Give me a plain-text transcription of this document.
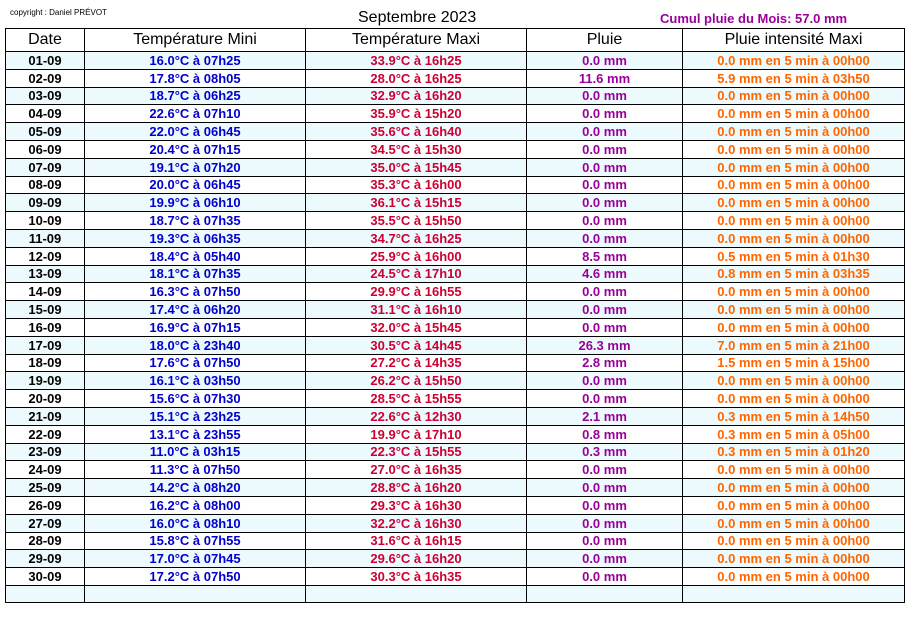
copyright : Daniel PRÉVOT	Septembre 2023	Cumul pluie du Mois: 57.0 mm
Date	Température Mini	Température Maxi	Pluie	Pluie intensité Maxi
01-09	16.0°C à 07h25	33.9°C à 16h25	0.0 mm	0.0 mm en 5 min à 00h00
02-09	17.8°C à 08h05	28.0°C à 16h25	11.6 mm	5.9 mm en 5 min à 03h50
03-09	18.7°C à 06h25	32.9°C à 16h20	0.0 mm	0.0 mm en 5 min à 00h00
04-09	22.6°C à 07h10	35.9°C à 15h20	0.0 mm	0.0 mm en 5 min à 00h00
05-09	22.0°C à 06h45	35.6°C à 16h40	0.0 mm	0.0 mm en 5 min à 00h00
06-09	20.4°C à 07h15	34.5°C à 15h30	0.0 mm	0.0 mm en 5 min à 00h00
07-09	19.1°C à 07h20	35.0°C à 15h45	0.0 mm	0.0 mm en 5 min à 00h00
08-09	20.0°C à 06h45	35.3°C à 16h00	0.0 mm	0.0 mm en 5 min à 00h00
09-09	19.9°C à 06h10	36.1°C à 15h15	0.0 mm	0.0 mm en 5 min à 00h00
10-09	18.7°C à 07h35	35.5°C à 15h50	0.0 mm	0.0 mm en 5 min à 00h00
11-09	19.3°C à 06h35	34.7°C à 16h25	0.0 mm	0.0 mm en 5 min à 00h00
12-09	18.4°C à 05h40	25.9°C à 16h00	8.5 mm	0.5 mm en 5 min à 01h30
13-09	18.1°C à 07h35	24.5°C à 17h10	4.6 mm	0.8 mm en 5 min à 03h35
14-09	16.3°C à 07h50	29.9°C à 16h55	0.0 mm	0.0 mm en 5 min à 00h00
15-09	17.4°C à 06h20	31.1°C à 16h10	0.0 mm	0.0 mm en 5 min à 00h00
16-09	16.9°C à 07h15	32.0°C à 15h45	0.0 mm	0.0 mm en 5 min à 00h00
17-09	18.0°C à 23h40	30.5°C à 14h45	26.3 mm	7.0 mm en 5 min à 21h00
18-09	17.6°C à 07h50	27.2°C à 14h35	2.8 mm	1.5 mm en 5 min à 15h00
19-09	16.1°C à 03h50	26.2°C à 15h50	0.0 mm	0.0 mm en 5 min à 00h00
20-09	15.6°C à 07h30	28.5°C à 15h55	0.0 mm	0.0 mm en 5 min à 00h00
21-09	15.1°C à 23h25	22.6°C à 12h30	2.1 mm	0.3 mm en 5 min à 14h50
22-09	13.1°C à 23h55	19.9°C à 17h10	0.8 mm	0.3 mm en 5 min à 05h00
23-09	11.0°C à 03h15	22.3°C à 15h55	0.3 mm	0.3 mm en 5 min à 01h20
24-09	11.3°C à 07h50	27.0°C à 16h35	0.0 mm	0.0 mm en 5 min à 00h00
25-09	14.2°C à 08h20	28.8°C à 16h20	0.0 mm	0.0 mm en 5 min à 00h00
26-09	16.2°C à 08h00	29.3°C à 16h30	0.0 mm	0.0 mm en 5 min à 00h00
27-09	16.0°C à 08h10	32.2°C à 16h30	0.0 mm	0.0 mm en 5 min à 00h00
28-09	15.8°C à 07h55	31.6°C à 16h15	0.0 mm	0.0 mm en 5 min à 00h00
29-09	17.0°C à 07h45	29.6°C à 16h20	0.0 mm	0.0 mm en 5 min à 00h00
30-09	17.2°C à 07h50	30.3°C à 16h35	0.0 mm	0.0 mm en 5 min à 00h00
